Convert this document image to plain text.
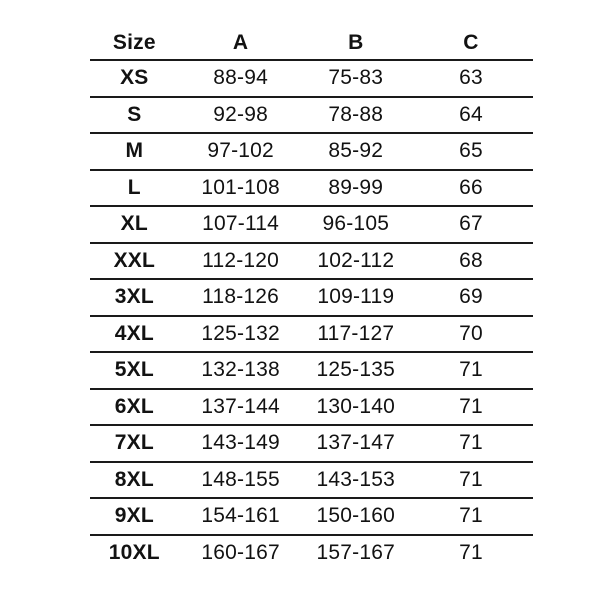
Size	A	B	C
XS	88-94	75-83	63
S	92-98	78-88	64
M	97-102	85-92	65
L	101-108	89-99	66
XL	107-114	96-105	67
XXL	112-120	102-112	68
3XL	118-126	109-119	69
4XL	125-132	117-127	70
5XL	132-138	125-135	71
6XL	137-144	130-140	71
7XL	143-149	137-147	71
8XL	148-155	143-153	71
9XL	154-161	150-160	71
10XL	160-167	157-167	71
